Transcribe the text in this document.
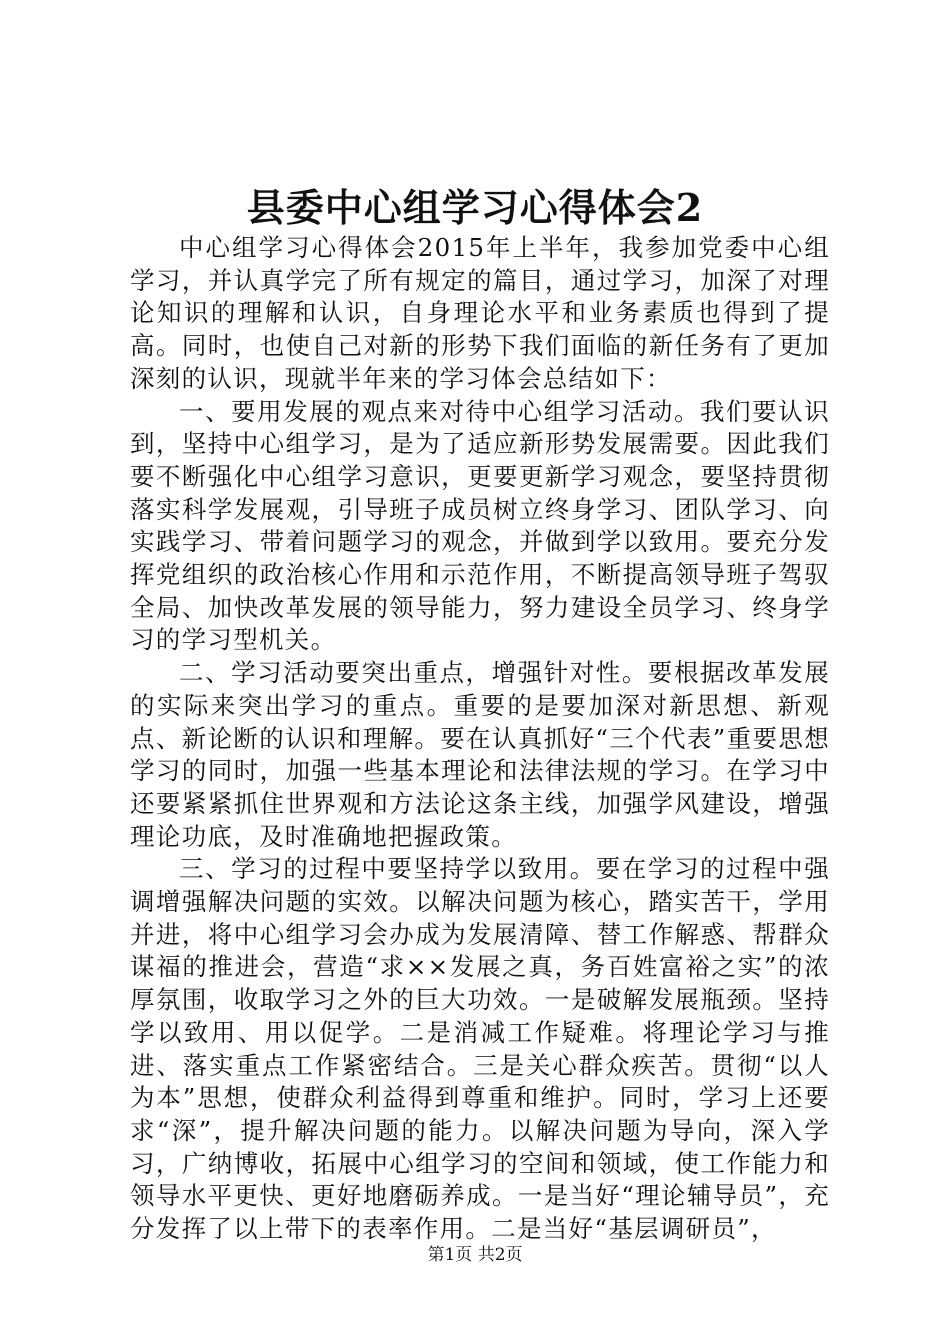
县委中心组学习心得体会2

中心组学习心得体会2015年上半年，我参加党委中心组学习，并认真学完了所有规定的篇目，通过学习，加深了对理论知识的理解和认识，自身理论水平和业务素质也得到了提高。同时，也使自己对新的形势下我们面临的新任务有了更加深刻的认识，现就半年来的学习体会总结如下：

一、要用发展的观点来对待中心组学习活动。我们要认识到，坚持中心组学习，是为了适应新形势发展需要。因此我们要不断强化中心组学习意识，更要更新学习观念，要坚持贯彻落实科学发展观，引导班子成员树立终身学习、团队学习、向实践学习、带着问题学习的观念，并做到学以致用。要充分发挥党组织的政治核心作用和示范作用，不断提高领导班子驾驭全局、加快改革发展的领导能力，努力建设全员学习、终身学习的学习型机关。

二、学习活动要突出重点，增强针对性。要根据改革发展的实际来突出学习的重点。重要的是要加深对新思想、新观点、新论断的认识和理解。要在认真抓好“三个代表”重要思想学习的同时，加强一些基本理论和法律法规的学习。在学习中还要紧紧抓住世界观和方法论这条主线，加强学风建设，增强理论功底，及时准确地把握政策。

三、学习的过程中要坚持学以致用。要在学习的过程中强调增强解决问题的实效。以解决问题为核心，踏实苦干，学用并进，将中心组学习会办成为发展清障、替工作解惑、帮群众谋福的推进会，营造“求××发展之真，务百姓富裕之实”的浓厚氛围，收取学习之外的巨大功效。一是破解发展瓶颈。坚持学以致用、用以促学。二是消减工作疑难。将理论学习与推进、落实重点工作紧密结合。三是关心群众疾苦。贯彻“以人为本”思想，使群众利益得到尊重和维护。同时，学习上还要求“深”，提升解决问题的能力。以解决问题为导向，深入学习，广纳博收，拓展中心组学习的空间和领域，使工作能力和领导水平更快、更好地磨砺养成。一是当好“理论辅导员”，充分发挥了以上带下的表率作用。二是当好“基层调研员”，

第1页 共2页
